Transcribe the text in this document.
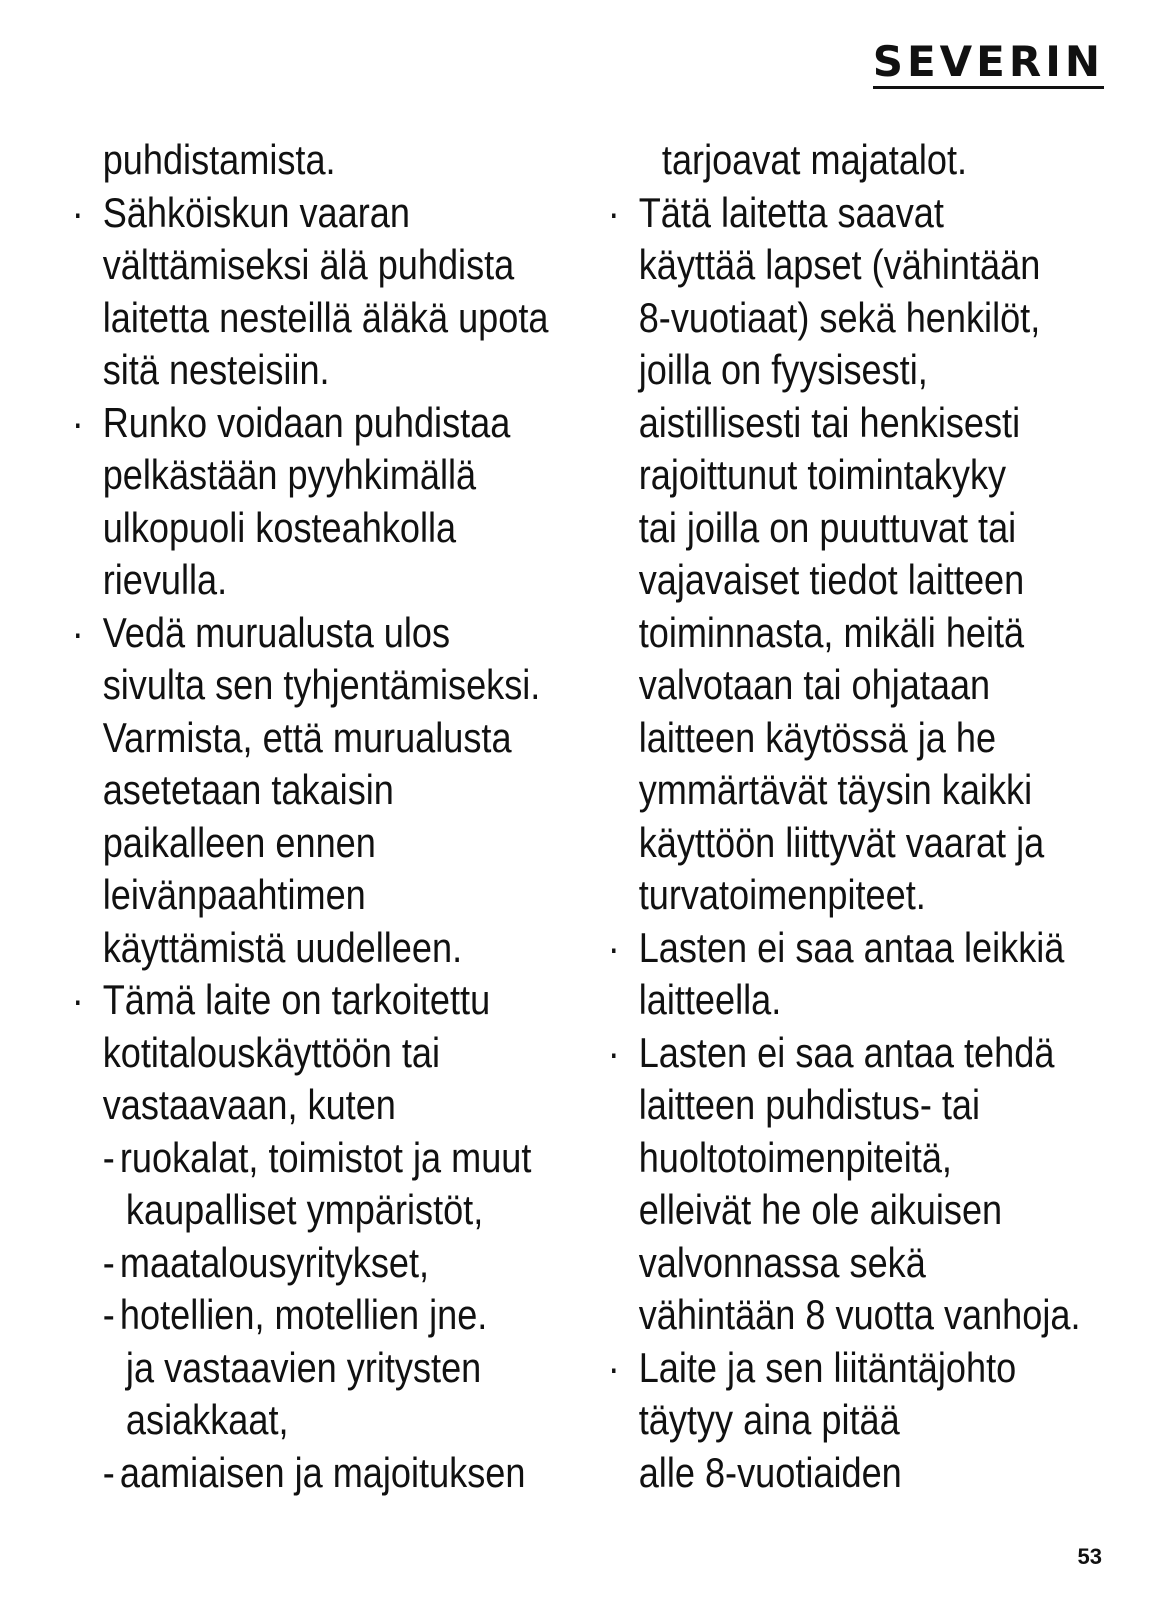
SEVERIN
puhdistamista.
· Sähköiskun vaaran
välttämiseksi älä puhdista
laitetta nesteillä äläkä upota
sitä nesteisiin.
· Runko voidaan puhdistaa
pelkästään pyyhkimällä
ulkopuoli kosteahkolla
rievulla.
· Vedä murualusta ulos
sivulta sen tyhjentämiseksi.
Varmista, että murualusta
asetetaan takaisin
paikalleen ennen
leivänpaahtimen
käyttämistä uudelleen.
· Tämä laite on tarkoitettu
kotitalouskäyttöön tai
vastaavaan, kuten
- ruokalat, toimistot ja muut
kaupalliset ympäristöt,
- maatalousyritykset,
- hotellien, motellien jne.
ja vastaavien yritysten
asiakkaat,
- aamiaisen ja majoituksen
tarjoavat majatalot.
· Tätä laitetta saavat
käyttää lapset (vähintään
8-vuotiaat) sekä henkilöt,
joilla on fyysisesti,
aistillisesti tai henkisesti
rajoittunut toimintakyky
tai joilla on puuttuvat tai
vajavaiset tiedot laitteen
toiminnasta, mikäli heitä
valvotaan tai ohjataan
laitteen käytössä ja he
ymmärtävät täysin kaikki
käyttöön liittyvät vaarat ja
turvatoimenpiteet.
· Lasten ei saa antaa leikkiä
laitteella.
· Lasten ei saa antaa tehdä
laitteen puhdistus- tai
huoltotoimenpiteitä,
elleivät he ole aikuisen
valvonnassa sekä
vähintään 8 vuotta vanhoja.
· Laite ja sen liitäntäjohto
täytyy aina pitää
alle 8-vuotiaiden
53
